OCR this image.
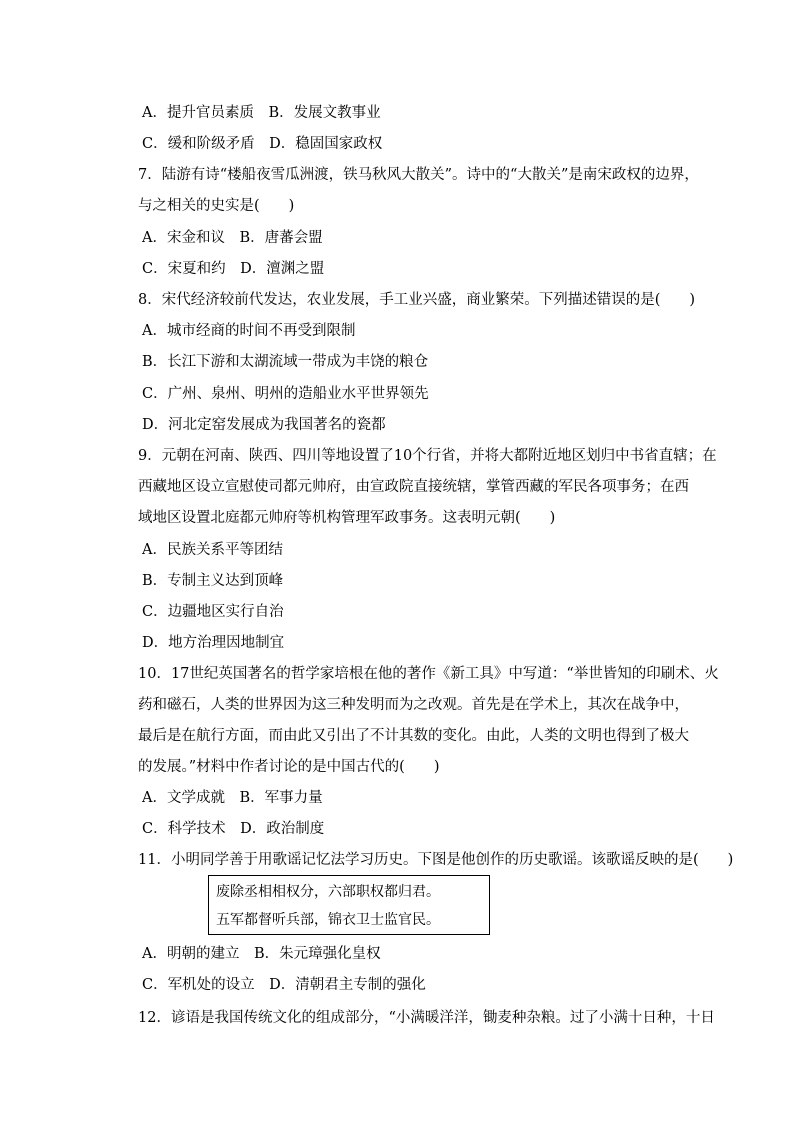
A．提升官员素质　B．发展文教事业
C．缓和阶级矛盾　D．稳固国家政权
7．陆游有诗“楼船夜雪瓜洲渡，铁马秋风大散关”。诗中的“大散关”是南宋政权的边界，
与之相关的史实是(　　)
A．宋金和议　B．唐蕃会盟
C．宋夏和约　D．澶渊之盟
8．宋代经济较前代发达，农业发展，手工业兴盛，商业繁荣。下列描述错误的是(　　)
A．城市经商的时间不再受到限制
B．长江下游和太湖流域一带成为丰饶的粮仓
C．广州、泉州、明州的造船业水平世界领先
D．河北定窑发展成为我国著名的瓷都
9．元朝在河南、陕西、四川等地设置了10个行省，并将大都附近地区划归中书省直辖；在
西藏地区设立宣慰使司都元帅府，由宣政院直接统辖，掌管西藏的军民各项事务；在西
域地区设置北庭都元帅府等机构管理军政事务。这表明元朝(　　)
A．民族关系平等团结
B．专制主义达到顶峰
C．边疆地区实行自治
D．地方治理因地制宜
10．17世纪英国著名的哲学家培根在他的著作《新工具》中写道：“举世皆知的印刷术、火
药和磁石，人类的世界因为这三种发明而为之改观。首先是在学术上，其次在战争中，
最后是在航行方面，而由此又引出了不计其数的变化。由此，人类的文明也得到了极大
的发展。”材料中作者讨论的是中国古代的(　　)
A．文学成就　B．军事力量
C．科学技术　D．政治制度
11．小明同学善于用歌谣记忆法学习历史。下图是他创作的历史歌谣。该歌谣反映的是(　　)
废除丞相相权分，六部职权都归君。
五军都督听兵部，锦衣卫士监官民。
A．明朝的建立　B．朱元璋强化皇权
C．军机处的设立　D．清朝君主专制的强化
12．谚语是我国传统文化的组成部分，“小满暖洋洋，锄麦种杂粮。过了小满十日种，十日
